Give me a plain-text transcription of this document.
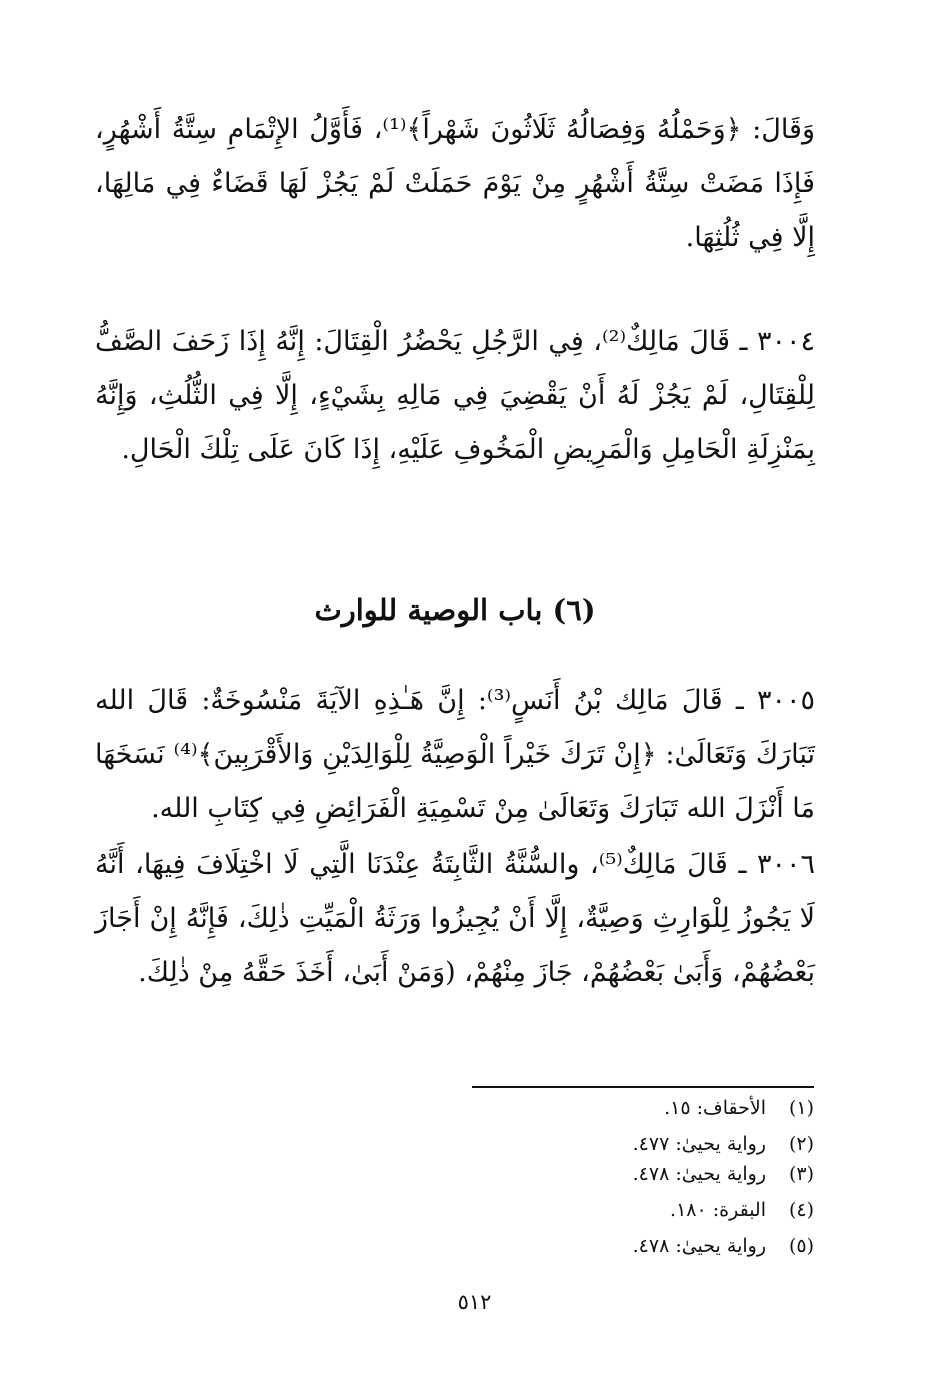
وَقَالَ: ﴿وَحَمْلُهُ وَفِصَالُهُ ثَلَاثُونَ شَهْراً﴾⁽¹⁾، فَأَوَّلُ الإِتْمَامِ سِتَّةُ أَشْهُرٍ، فَإِذَا مَضَتْ سِتَّةُ أَشْهُرٍ مِنْ يَوْمَ حَمَلَتْ لَمْ يَجُزْ لَهَا قَضَاءٌ فِي مَالِهَا، إِلَّا فِي ثُلُثِهَا.

٣٠٠٤ ـ قَالَ مَالِكٌ⁽²⁾، فِي الرَّجُلِ يَحْضُرُ الْقِتَالَ: إِنَّهُ إِذَا زَحَفَ الصَّفُّ لِلْقِتَالِ، لَمْ يَجُزْ لَهُ أَنْ يَقْضِيَ فِي مَالِهِ بِشَيْءٍ، إِلَّا فِي الثُّلُثِ، وَإِنَّهُ بِمَنْزِلَةِ الْحَامِلِ وَالْمَرِيضِ الْمَخُوفِ عَلَيْهِ، إِذَا كَانَ عَلَى تِلْكَ الْحَالِ.

(٦) باب الوصية للوارث

٣٠٠٥ ـ قَالَ مَالِك بْنُ أَنَسٍ⁽³⁾: إِنَّ هَـٰذِهِ الآيَةَ مَنْسُوخَةٌ: قَالَ الله تَبَارَكَ وَتَعَالَىٰ: ﴿إِنْ تَرَكَ خَيْراً الْوَصِيَّةُ لِلْوَالِدَيْنِ وَالأَقْرَبِينَ﴾⁽⁴⁾ نَسَخَهَا مَا أَنْزَلَ الله تَبَارَكَ وَتَعَالَىٰ مِنْ تَسْمِيَةِ الْفَرَائِضِ فِي كِتَابِ الله.

٣٠٠٦ ـ قَالَ مَالِكٌ⁽⁵⁾، والسُّنَّةُ الثَّابِتَةُ عِنْدَنَا الَّتِي لَا اخْتِلَافَ فِيهَا، أَنَّهُ لَا يَجُوزُ لِلْوَارِثِ وَصِيَّةٌ، إِلَّا أَنْ يُجِيزُوا وَرَثَةُ الْمَيِّتِ ذٰلِكَ، فَإِنَّهُ إِنْ أَجَازَ بَعْضُهُمْ، وَأَبَىٰ بَعْضُهُمْ، جَازَ مِنْهُمْ، (وَمَنْ أَبَىٰ، أَخَذَ حَقَّهُ مِنْ ذٰلِكَ.

(١)
الأحقاف: ١٥.
(٢)
رواية يحيىٰ: ٤٧٧.
(٣)
رواية يحيىٰ: ٤٧٨.
(٤)
البقرة: ١٨٠.
(٥)
رواية يحيىٰ: ٤٧٨.
٥١٢
